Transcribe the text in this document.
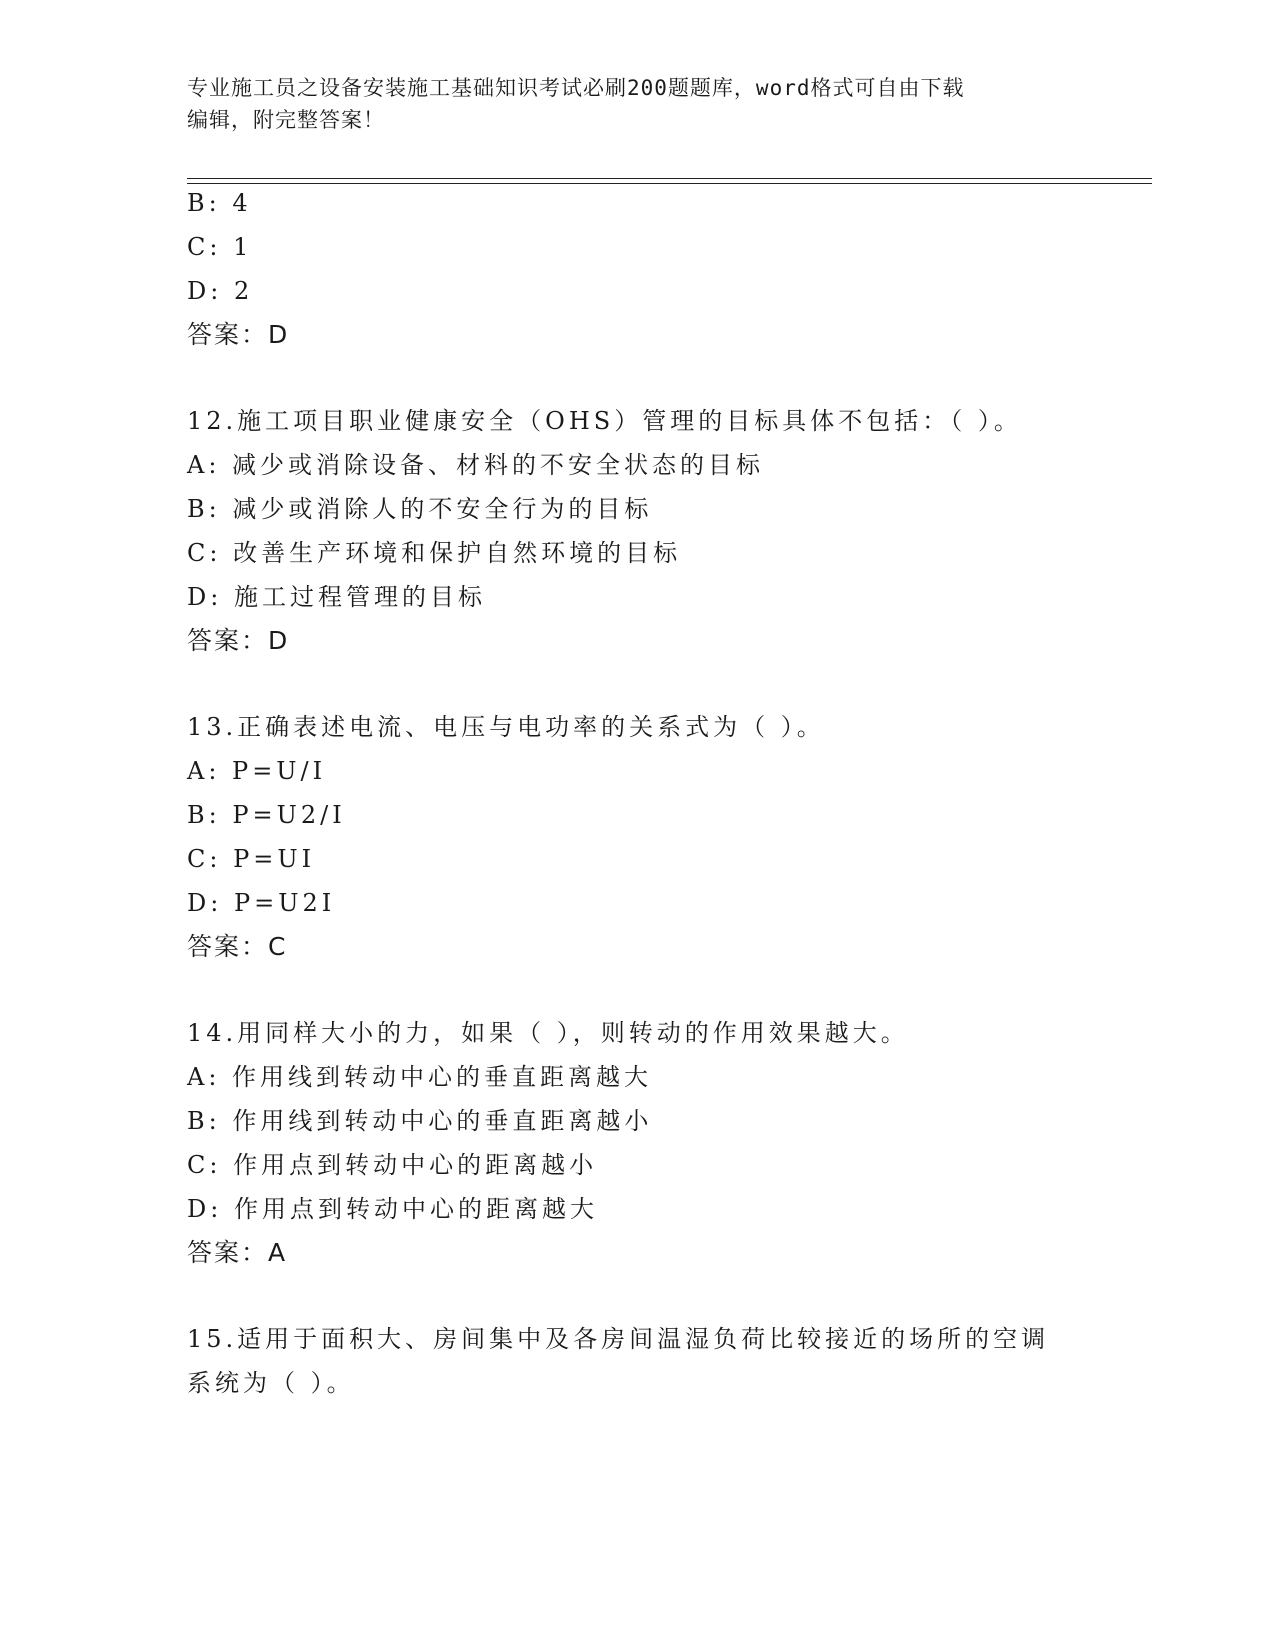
专业施工员之设备安装施工基础知识考试必刷200题题库，word格式可自由下载
编辑，附完整答案！
B: 4
C: 1
D: 2
答案：D
12.施工项目职业健康安全（OHS）管理的目标具体不包括：（ ）。
A: 减少或消除设备、材料的不安全状态的目标
B: 减少或消除人的不安全行为的目标
C: 改善生产环境和保护自然环境的目标
D: 施工过程管理的目标
答案：D
13.正确表述电流、电压与电功率的关系式为（ ）。
A: P=U/I
B: P=U2/I
C: P=UI
D: P=U2I
答案：C
14.用同样大小的力，如果（ ），则转动的作用效果越大。
A: 作用线到转动中心的垂直距离越大
B: 作用线到转动中心的垂直距离越小
C: 作用点到转动中心的距离越小
D: 作用点到转动中心的距离越大
答案：A
15.适用于面积大、房间集中及各房间温湿负荷比较接近的场所的空调
系统为（ ）。
